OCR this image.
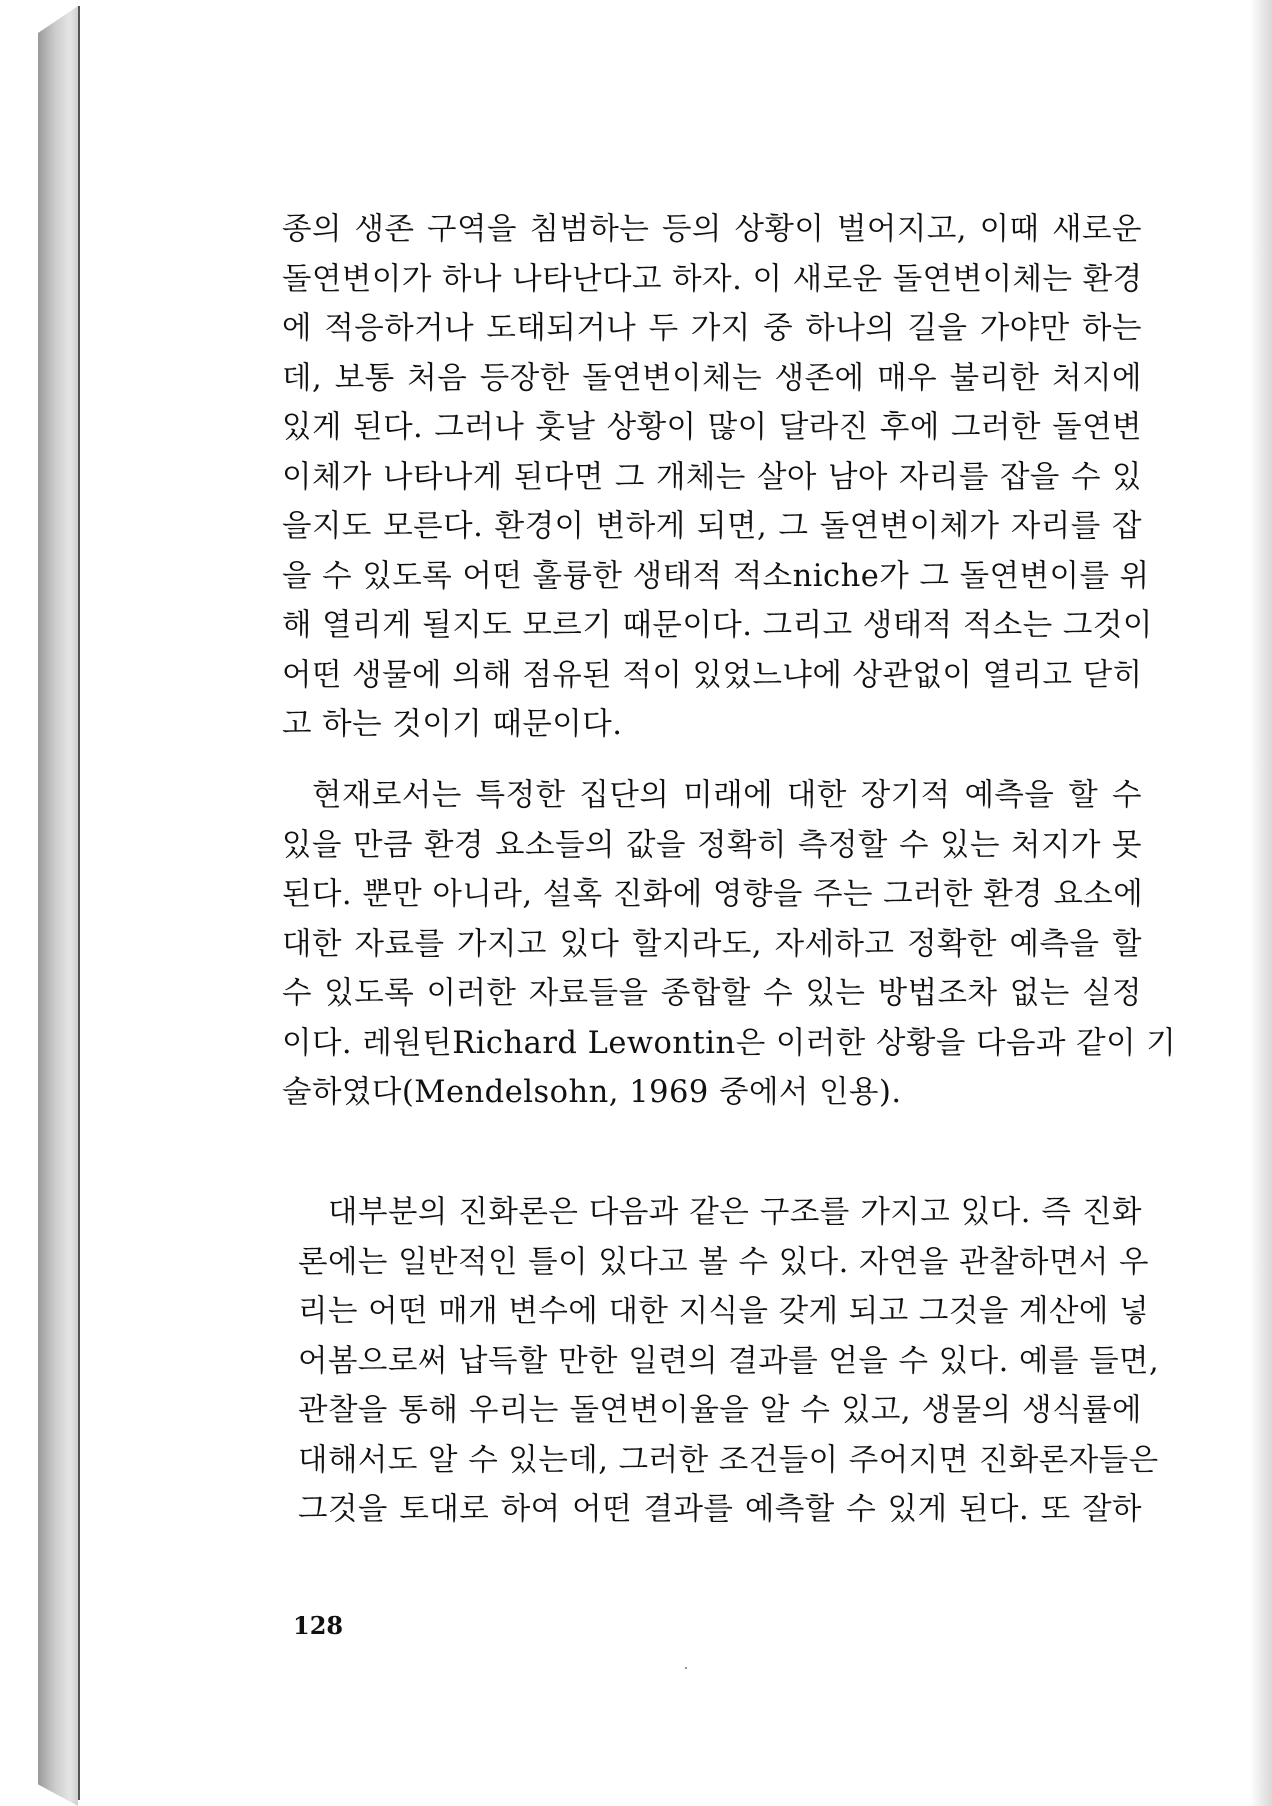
종의 생존 구역을 침범하는 등의 상황이 벌어지고, 이때 새로운
돌연변이가 하나 나타난다고 하자. 이 새로운 돌연변이체는 환경
에 적응하거나 도태되거나 두 가지 중 하나의 길을 가야만 하는
데, 보통 처음 등장한 돌연변이체는 생존에 매우 불리한 처지에
있게 된다. 그러나 훗날 상황이 많이 달라진 후에 그러한 돌연변
이체가 나타나게 된다면 그 개체는 살아 남아 자리를 잡을 수 있
을지도 모른다. 환경이 변하게 되면, 그 돌연변이체가 자리를 잡
을 수 있도록 어떤 훌륭한 생태적 적소niche가 그 돌연변이를 위
해 열리게 될지도 모르기 때문이다. 그리고 생태적 적소는 그것이
어떤 생물에 의해 점유된 적이 있었느냐에 상관없이 열리고 닫히
고 하는 것이기 때문이다.
현재로서는 특정한 집단의 미래에 대한 장기적 예측을 할 수
있을 만큼 환경 요소들의 값을 정확히 측정할 수 있는 처지가 못
된다. 뿐만 아니라, 설혹 진화에 영향을 주는 그러한 환경 요소에
대한 자료를 가지고 있다 할지라도, 자세하고 정확한 예측을 할
수 있도록 이러한 자료들을 종합할 수 있는 방법조차 없는 실정
이다. 레원틴Richard Lewontin은 이러한 상황을 다음과 같이 기
술하였다(Mendelsohn, 1969 중에서 인용).
대부분의 진화론은 다음과 같은 구조를 가지고 있다. 즉 진화
론에는 일반적인 틀이 있다고 볼 수 있다. 자연을 관찰하면서 우
리는 어떤 매개 변수에 대한 지식을 갖게 되고 그것을 계산에 넣
어봄으로써 납득할 만한 일련의 결과를 얻을 수 있다. 예를 들면,
관찰을 통해 우리는 돌연변이율을 알 수 있고, 생물의 생식률에
대해서도 알 수 있는데, 그러한 조건들이 주어지면 진화론자들은
그것을 토대로 하여 어떤 결과를 예측할 수 있게 된다. 또 잘하
128
